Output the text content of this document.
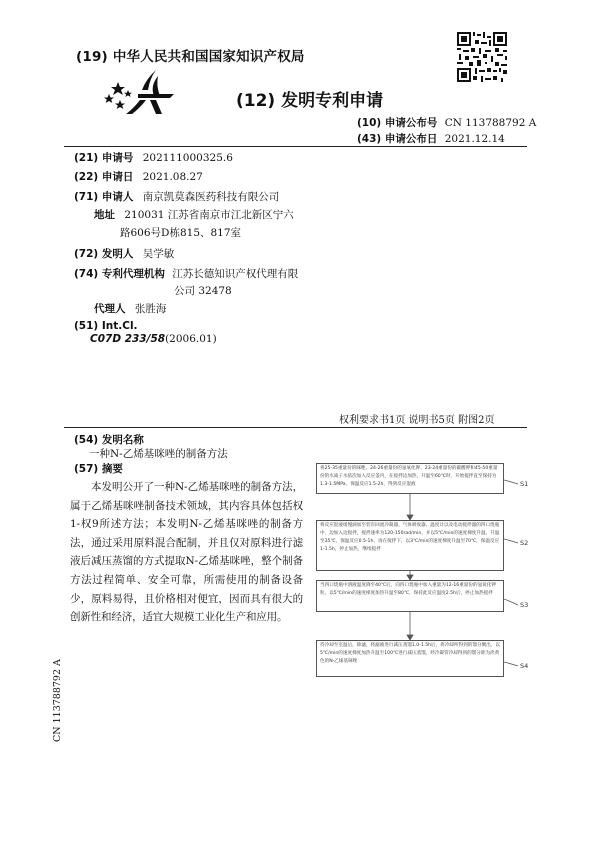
(19) 中华人民共和国国家知识产权局
(12) 发明专利申请
(10) 申请公布号 CN 113788792 A
(43) 申请公布日 2021.12.14
(21) 申请号 202111000325.6
(22) 申请日 2021.08.27
(71) 申请人 南京凯莫森医药科技有限公司
地址 210031 江苏省南京市江北新区宁六
路606号D栋815、817室
(72) 发明人 吴学敏
(74) 专利代理机构 江苏长德知识产权代理有限
公司 32478
代理人 张胜海
(51) Int.Cl.
C07D 233/58(2006.01)
权利要求书1页 说明书5页 附图2页
(54) 发明名称
一种N-乙烯基咪唑的制备方法
(57) 摘要
本发明公开了一种N-乙烯基咪唑的制备方法，属于乙烯基咪唑制备技术领域，其内容具体包括权1-权9所述方法；本发明N-乙烯基咪唑的制备方法，通过采用原料混合配制，并且仅对原料进行滤液后减压蒸馏的方式提取N-乙烯基咪唑，整个制备方法过程简单、安全可靠，所需使用的制备设备少，原料易得，且价格相对便宜，因而具有很大的创新性和经济，适宜大规模工业化生产和应用。
CN 113788792 A
将25-35重量份的咪唑、24-26重量份的氢氧化钾、23-24重量份的碳酸钾和45-50重量份的水离子水依次加入反应釜内，在搅拌边加热，升温至60℃时，开始搅拌直至保持为1.3-1.5MPa，保温反应1.5-2h，得到反应混液
将反应混液缓慢滴加至装有回流冷凝器、气体吸收器、温度计以及电动搅拌器的四口烧瓶中，边加入边搅拌，搅拌速率为120-150rad/min，并以5℃/min的速度梯度升温，升温至35℃，保温反应0.5-1h，再在搅拌下，以3℃/min的速度梯度升温至70℃，保温反应1-1.5h，停止加热，继续搅拌
当四口烧瓶中溶液温度降至40℃后，向四口烧瓶中加入重量为12-16重量份的氢氧化钾粒，以5℃/min的速度梯度加热升温至80℃，保持此反应温度2.5h后，停止加热搅拌
待冷却至室温后，除滤，将滤液进行减压蒸馏1.0-1.5h后，将冷却所得到的馏分倒出，以5℃/min的速度梯度加热升温至100℃进行减压蒸馏，经冷凝管冷却得到的馏分即为淡黄色的N-乙烯基咪唑
S1
S2
S3
S4
